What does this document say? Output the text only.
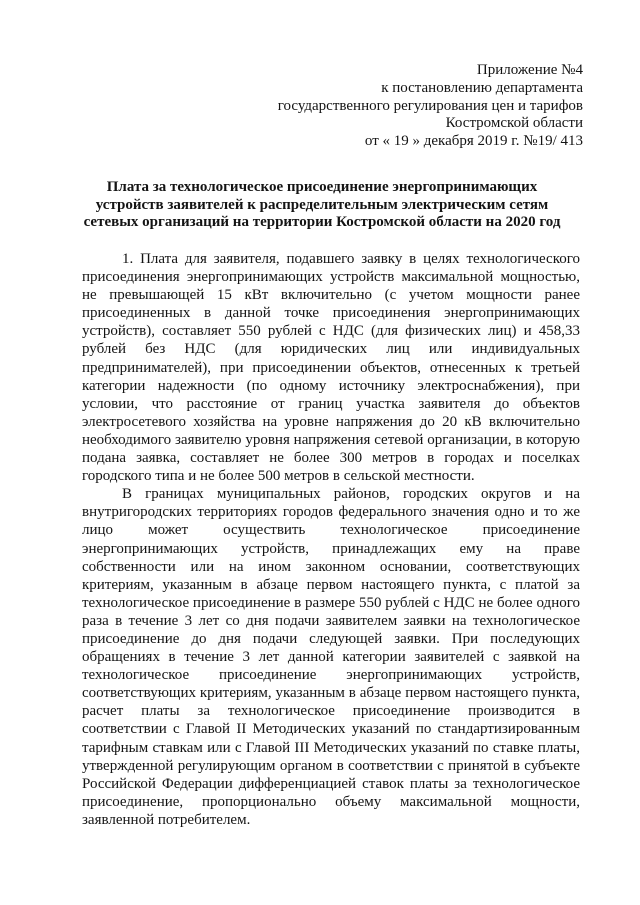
Приложение №4
к постановлению департамента
государственного регулирования цен и тарифов
Костромской области
от « 19 » декабря 2019 г. №19/ 413
Плата за технологическое присоединение энергопринимающих устройств заявителей к распределительным электрическим сетям сетевых организаций на территории Костромской области на 2020 год

1. Плата для заявителя, подавшего заявку в целях технологического присоединения энергопринимающих устройств максимальной мощностью, не превышающей 15 кВт включительно (с учетом мощности ранее присоединенных в данной точке присоединения энергопринимающих устройств), составляет 550 рублей с НДС (для физических лиц) и 458,33 рублей без НДС (для юридических лиц или индивидуальных предпринимателей), при присоединении объектов, отнесенных к третьей категории надежности (по одному источнику электроснабжения), при условии, что расстояние от границ участка заявителя до объектов электросетевого хозяйства на уровне напряжения до 20 кВ включительно необходимого заявителю уровня напряжения сетевой организации, в которую подана заявка, составляет не более 300 метров в городах и поселках городского типа и не более 500 метров в сельской местности.

В границах муниципальных районов, городских округов и на внутригородских территориях городов федерального значения одно и то же лицо может осуществить технологическое присоединение энергопринимающих устройств, принадлежащих ему на праве собственности или на ином законном основании, соответствующих критериям, указанным в абзаце первом настоящего пункта, с платой за технологическое присоединение в размере 550 рублей с НДС не более одного раза в течение 3 лет со дня подачи заявителем заявки на технологическое присоединение до дня подачи следующей заявки. При последующих обращениях в течение 3 лет данной категории заявителей с заявкой на технологическое присоединение энергопринимающих устройств, соответствующих критериям, указанным в абзаце первом настоящего пункта, расчет платы за технологическое присоединение производится в соответствии с Главой II Методических указаний по стандартизированным тарифным ставкам или с Главой III Методических указаний по ставке платы, утвержденной регулирующим органом в соответствии с принятой в субъекте Российской Федерации дифференциацией ставок платы за технологическое присоединение, пропорционально объему максимальной мощности, заявленной потребителем.
